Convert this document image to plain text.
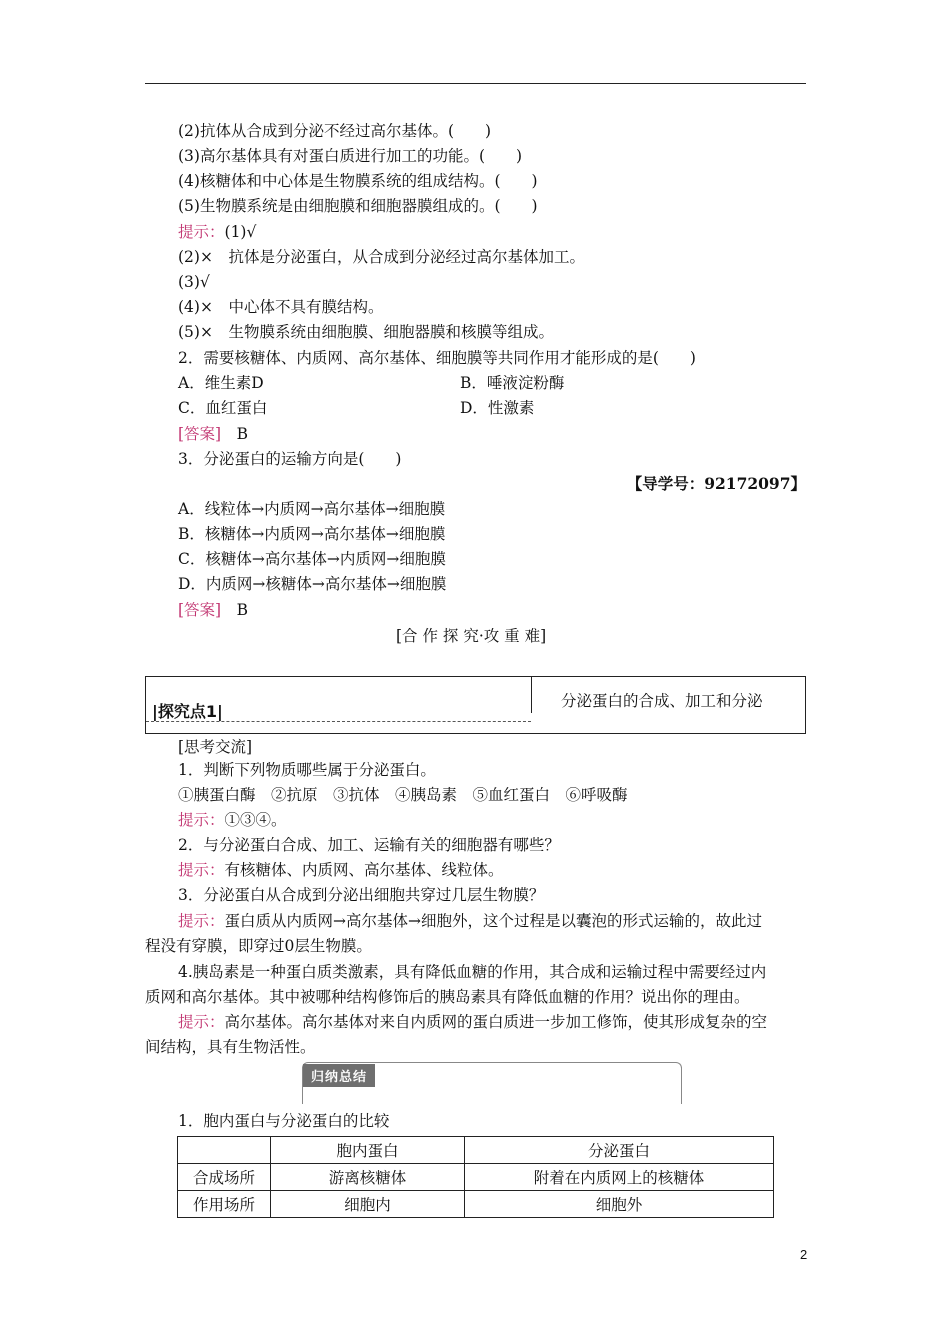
(2)抗体从合成到分泌不经过高尔基体。(　　)
(3)高尔基体具有对蛋白质进行加工的功能。(　　)
(4)核糖体和中心体是生物膜系统的组成结构。(　　)
(5)生物膜系统是由细胞膜和细胞器膜组成的。(　　)
提示：(1)√
(2)×　抗体是分泌蛋白，从合成到分泌经过高尔基体加工。
(3)√
(4)×　中心体不具有膜结构。
(5)×　生物膜系统由细胞膜、细胞器膜和核膜等组成。
2．需要核糖体、内质网、高尔基体、细胞膜等共同作用才能形成的是(　　)
A．维生素D	B．唾液淀粉酶
C．血红蛋白	D．性激素
[答案]　 B
3．分泌蛋白的运输方向是(　　)
【导学号：92172097】
A．线粒体→内质网→高尔基体→细胞膜
B．核糖体→内质网→高尔基体→细胞膜
C．核糖体→高尔基体→内质网→细胞膜
D．内质网→核糖体→高尔基体→细胞膜
[答案]　 B
[合 作 探 究·攻 重 难]
|探究点1|
分泌蛋白的合成、加工和分泌
[思考交流]
1．判断下列物质哪些属于分泌蛋白。
①胰蛋白酶　②抗原　③抗体　④胰岛素　⑤血红蛋白　⑥呼吸酶
提示：①③④。
2．与分泌蛋白合成、加工、运输有关的细胞器有哪些？
提示：有核糖体、内质网、高尔基体、线粒体。
3．分泌蛋白从合成到分泌出细胞共穿过几层生物膜？
提示：蛋白质从内质网→高尔基体→细胞外，这个过程是以囊泡的形式运输的，故此过
程没有穿膜，即穿过0层生物膜。
4.胰岛素是一种蛋白质类激素，具有降低血糖的作用，其合成和运输过程中需要经过内
质网和高尔基体。其中被哪种结构修饰后的胰岛素具有降低血糖的作用？说出你的理由。
提示：高尔基体。高尔基体对来自内质网的蛋白质进一步加工修饰，使其形成复杂的空
间结构，具有生物活性。
归纳总结
1．胞内蛋白与分泌蛋白的比较
	胞内蛋白	分泌蛋白
合成场所	游离核糖体	附着在内质网上的核糖体
作用场所	细胞内	细胞外
2
